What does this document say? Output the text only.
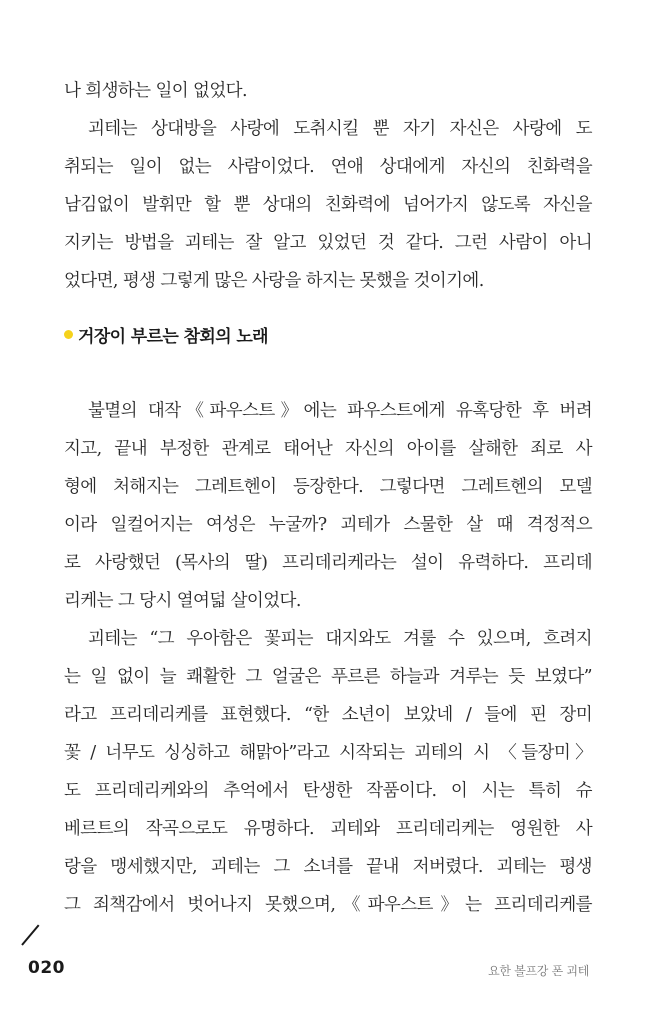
나 희생하는 일이 없었다.
괴테는 상대방을 사랑에 도취시킬 뿐 자기 자신은 사랑에 도
취되는 일이 없는 사람이었다. 연애 상대에게 자신의 친화력을
남김없이 발휘만 할 뿐 상대의 친화력에 넘어가지 않도록 자신을
지키는 방법을 괴테는 잘 알고 있었던 것 같다. 그런 사람이 아니
었다면, 평생 그렇게 많은 사랑을 하지는 못했을 것이기에.
거장이 부르는 참회의 노래
불멸의 대작《파우스트》에는 파우스트에게 유혹당한 후 버려
지고, 끝내 부정한 관계로 태어난 자신의 아이를 살해한 죄로 사
형에 처해지는 그레트헨이 등장한다. 그렇다면 그레트헨의 모델
이라 일컬어지는 여성은 누굴까? 괴테가 스물한 살 때 격정적으
로 사랑했던 (목사의 딸) 프리데리케라는 설이 유력하다. 프리데
리케는 그 당시 열여덟 살이었다.
괴테는 “그 우아함은 꽃피는 대지와도 겨룰 수 있으며, 흐려지
는 일 없이 늘 쾌활한 그 얼굴은 푸르른 하늘과 겨루는 듯 보였다”
라고 프리데리케를 표현했다. “한 소년이 보았네 / 들에 핀 장미
꽃 / 너무도 싱싱하고 해맑아”라고 시작되는 괴테의 시 〈들장미〉
도 프리데리케와의 추억에서 탄생한 작품이다. 이 시는 특히 슈
베르트의 작곡으로도 유명하다. 괴테와 프리데리케는 영원한 사
랑을 맹세했지만, 괴테는 그 소녀를 끝내 저버렸다. 괴테는 평생
그 죄책감에서 벗어나지 못했으며,《파우스트》는 프리데리케를
020	요한 볼프강 폰 괴테
